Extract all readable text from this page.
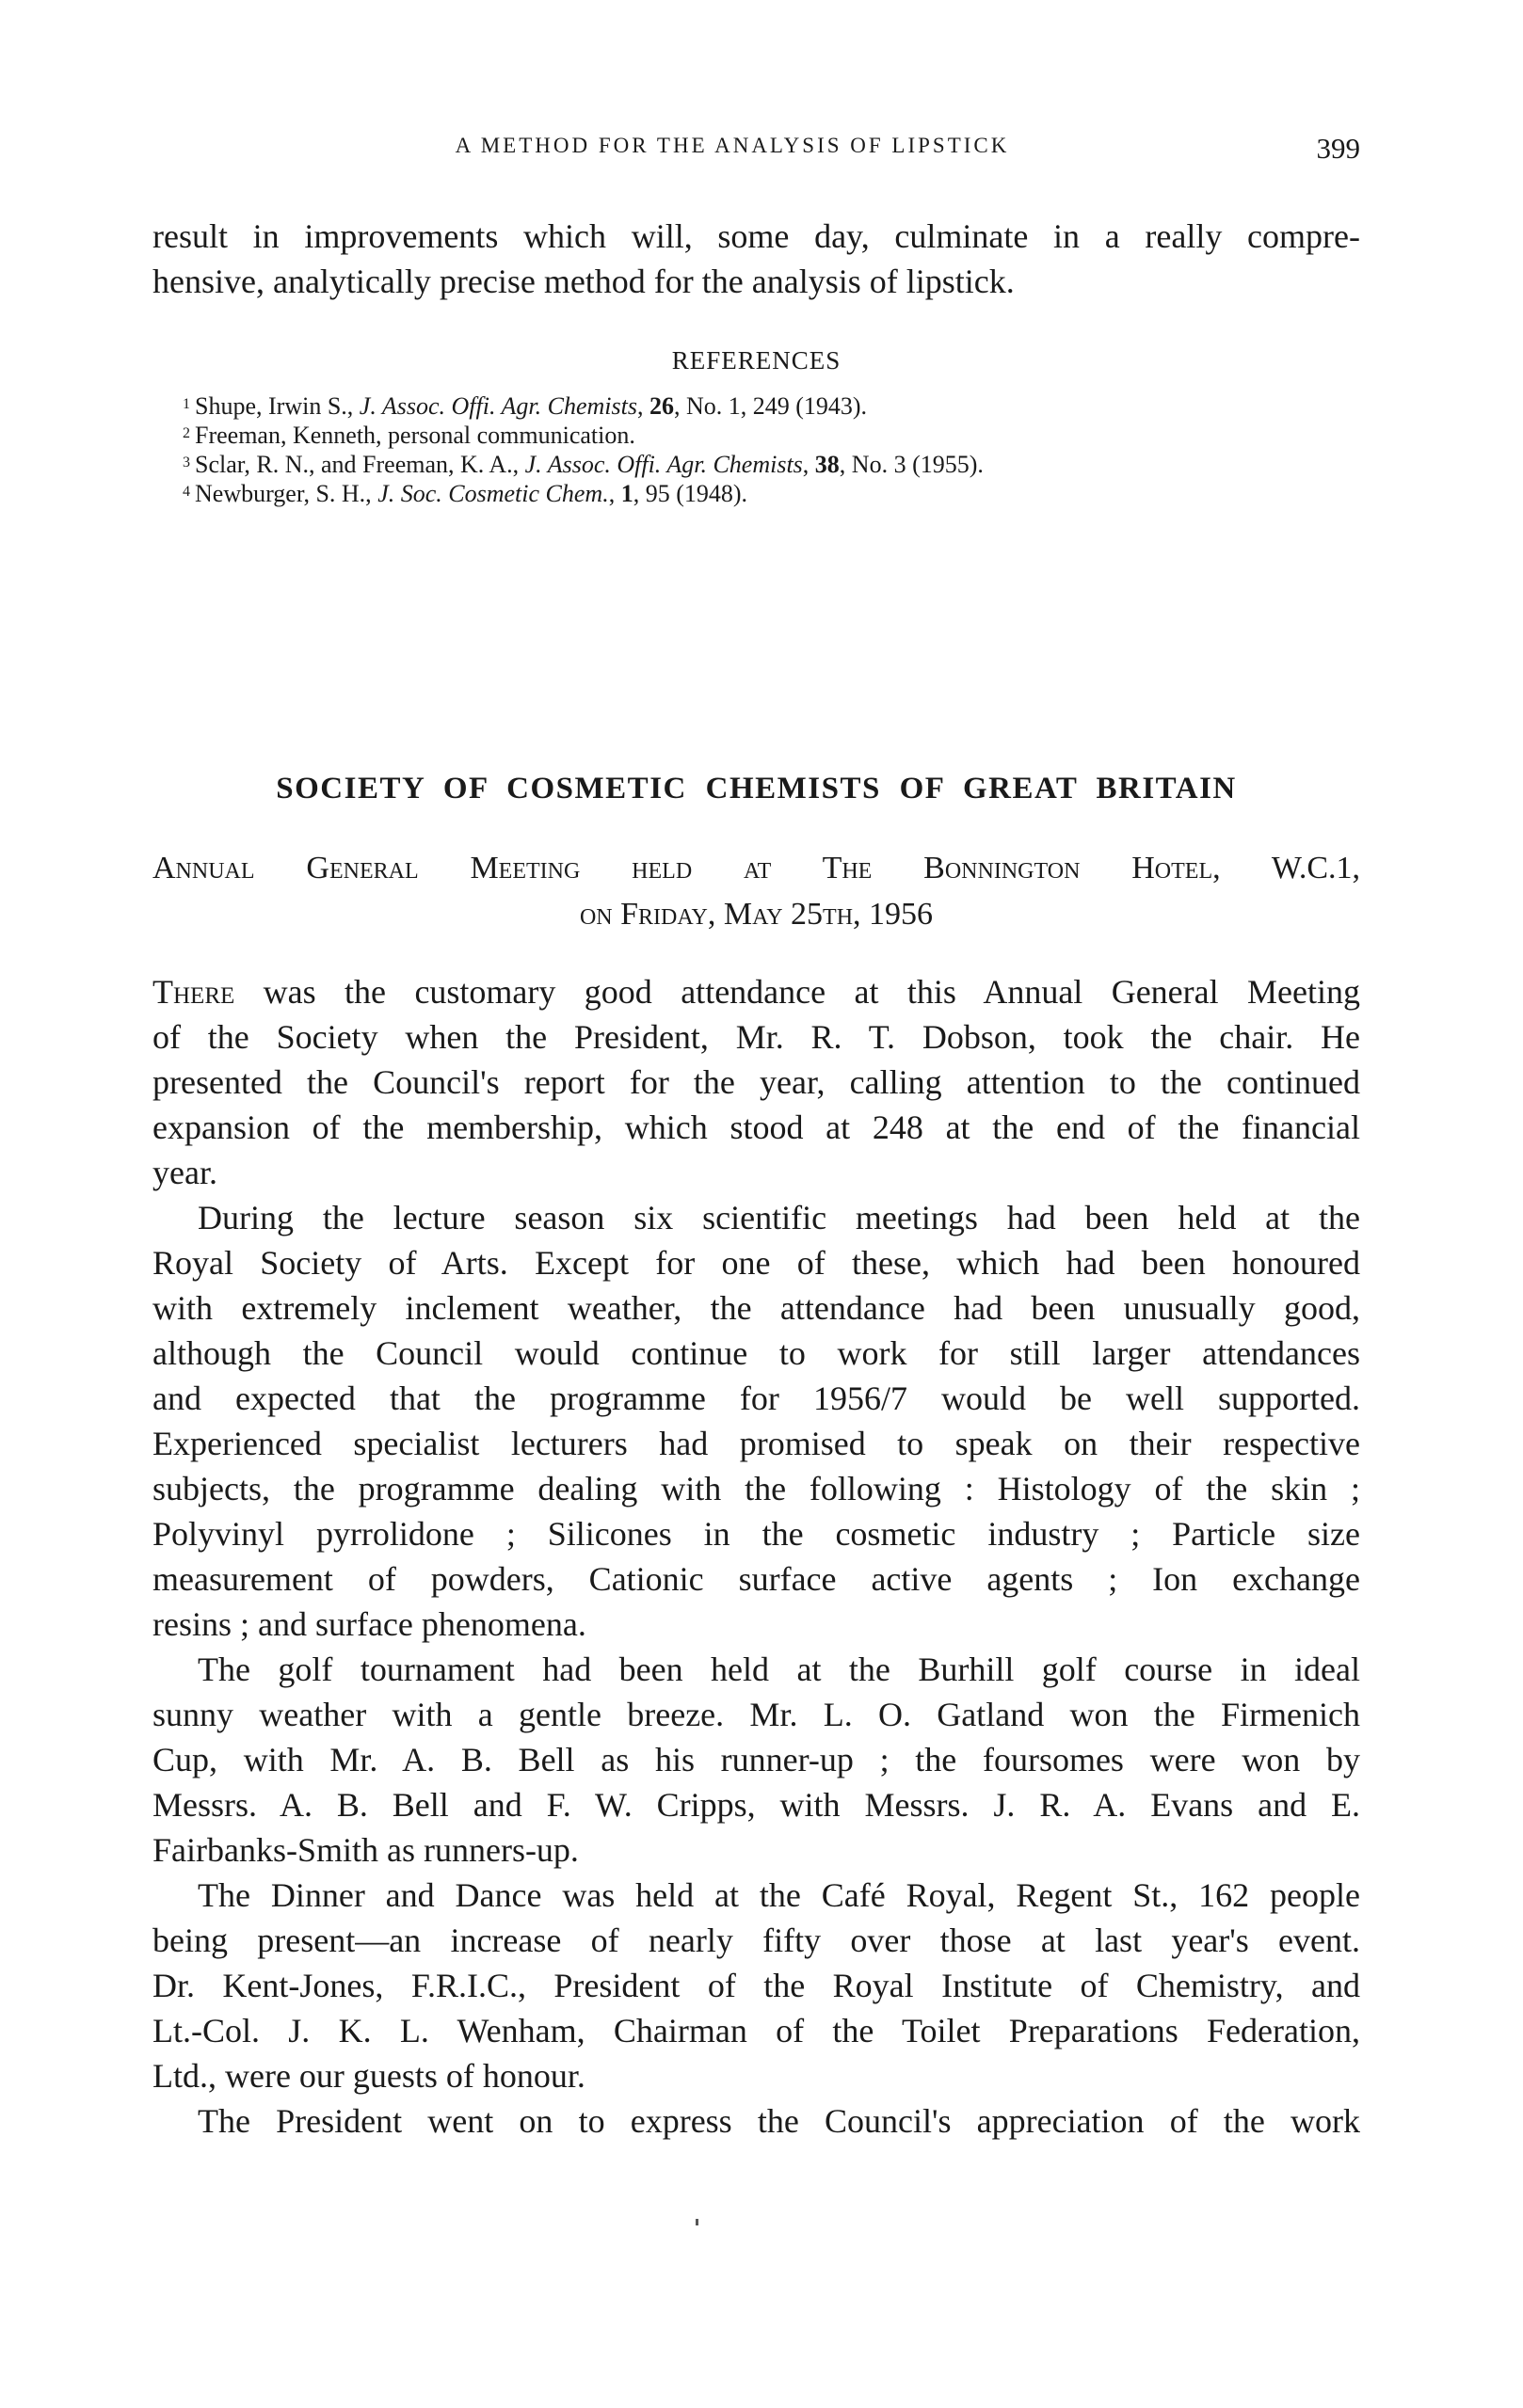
A METHOD FOR THE ANALYSIS OF LIPSTICK	399
result in improvements which will, some day, culminate in a really compre-
hensive, analytically precise method for the analysis of lipstick.
REFERENCES
$^1$ Shupe, Irwin S., J. Assoc. Offi. Agr. Chemists, 26, No. 1, 249 (1943).
$^2$ Freeman, Kenneth, personal communication.
$^3$ Sclar, R. N., and Freeman, K. A., J. Assoc. Offi. Agr. Chemists, 38, No. 3 (1955).
$^4$ Newburger, S. H., J. Soc. Cosmetic Chem., 1, 95 (1948).
SOCIETY OF COSMETIC CHEMISTS OF GREAT BRITAIN
Annual General Meeting held at The Bonnington Hotel, W.C.1,
on Friday, May 25th, 1956
There was the customary good attendance at this Annual General Meeting
of the Society when the President, Mr. R. T. Dobson, took the chair. He
presented the Council's report for the year, calling attention to the continued
expansion of the membership, which stood at 248 at the end of the financial
year.
During the lecture season six scientific meetings had been held at the
Royal Society of Arts. Except for one of these, which had been honoured
with extremely inclement weather, the attendance had been unusually good,
although the Council would continue to work for still larger attendances
and expected that the programme for 1956/7 would be well supported.
Experienced specialist lecturers had promised to speak on their respective
subjects, the programme dealing with the following : Histology of the skin ;
Polyvinyl pyrrolidone ; Silicones in the cosmetic industry ; Particle size
measurement of powders, Cationic surface active agents ; Ion exchange
resins ; and surface phenomena.
The golf tournament had been held at the Burhill golf course in ideal
sunny weather with a gentle breeze. Mr. L. O. Gatland won the Firmenich
Cup, with Mr. A. B. Bell as his runner-up ; the foursomes were won by
Messrs. A. B. Bell and F. W. Cripps, with Messrs. J. R. A. Evans and E.
Fairbanks-Smith as runners-up.
The Dinner and Dance was held at the Café Royal, Regent St., 162 people
being present—an increase of nearly fifty over those at last year's event.
Dr. Kent-Jones, F.R.I.C., President of the Royal Institute of Chemistry, and
Lt.-Col. J. K. L. Wenham, Chairman of the Toilet Preparations Federation,
Ltd., were our guests of honour.
The President went on to express the Council's appreciation of the work
